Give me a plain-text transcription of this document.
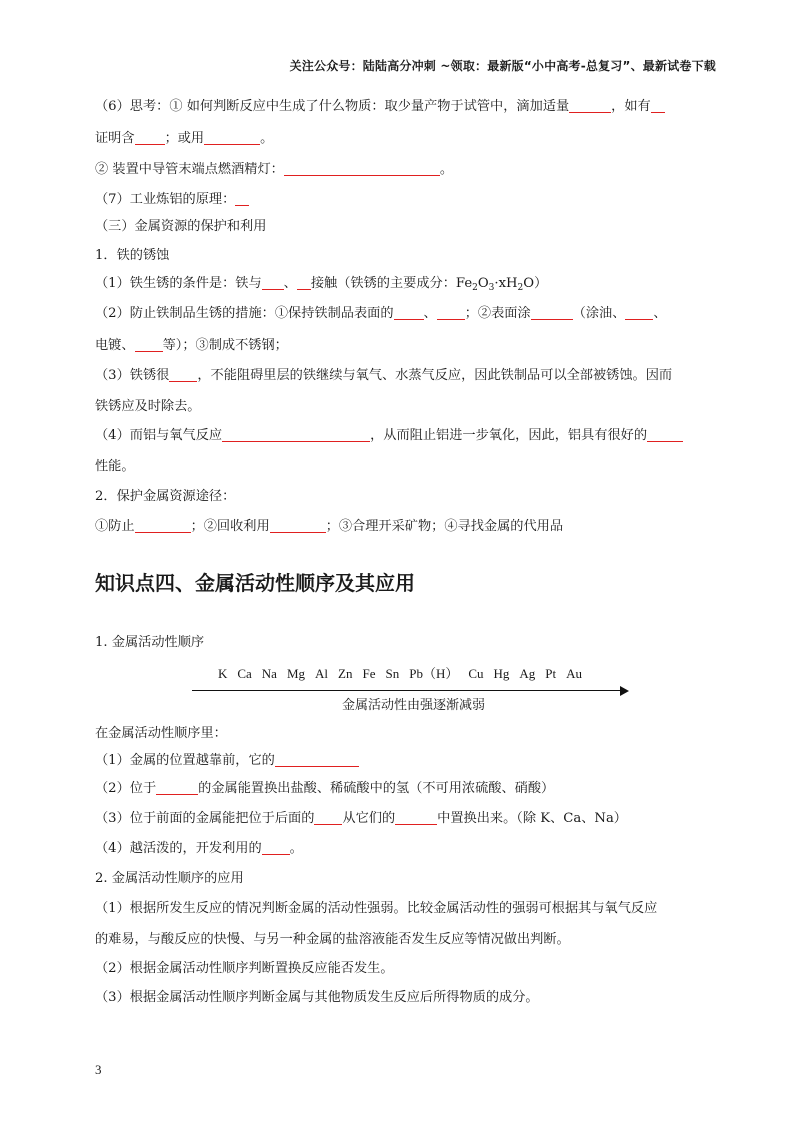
关注公众号：陆陆高分冲刺 ~领取：最新版“小中高考-总复习”、最新试卷下载
（6）思考：① 如何判断反应中生成了什么物质：取少量产物于试管中，滴加适量	，如有
证明含 ；或用	。
② 装置中导管末端点燃酒精灯：	。
（7）工业炼铝的原理：
（三）金属资源的保护和利用
1．铁的锈蚀
（1）铁生锈的条件是：铁与 、 接触（铁锈的主要成分：$Fe_2O_3\cdot xH_2O$）
（2）防止铁制品生锈的措施：①保持铁制品表面的 、 ；②表面涂	（涂油、 、
电镀、 等）；③制成不锈钢；
（3）铁锈很 ，不能阻碍里层的铁继续与氧气、水蒸气反应，因此铁制品可以全部被锈蚀。因而
铁锈应及时除去。
（4）而铝与氧气反应	，从而阻止铝进一步氧化，因此，铝具有很好的
性能。
2．保护金属资源途径：
①防止	；②回收利用	；③合理开采矿物；④寻找金属的代用品
知识点四、金属活动性顺序及其应用
1. 金属活动性顺序
K Ca Na Mg Al Zn Fe Sn Pb（H） Cu Hg Ag Pt Au
金属活动性由强逐渐减弱
在金属活动性顺序里：
（1）金属的位置越靠前，它的
（2）位于	的金属能置换出盐酸、稀硫酸中的氢（不可用浓硫酸、硝酸）
（3）位于前面的金属能把位于后面的 从它们的	中置换出来。（除 K、Ca、Na）
（4）越活泼的，开发利用的 。
2. 金属活动性顺序的应用
（1）根据所发生反应的情况判断金属的活动性强弱。比较金属活动性的强弱可根据其与氧气反应
的难易，与酸反应的快慢、与另一种金属的盐溶液能否发生反应等情况做出判断。
（2）根据金属活动性顺序判断置换反应能否发生。
（3）根据金属活动性顺序判断金属与其他物质发生反应后所得物质的成分。
3
